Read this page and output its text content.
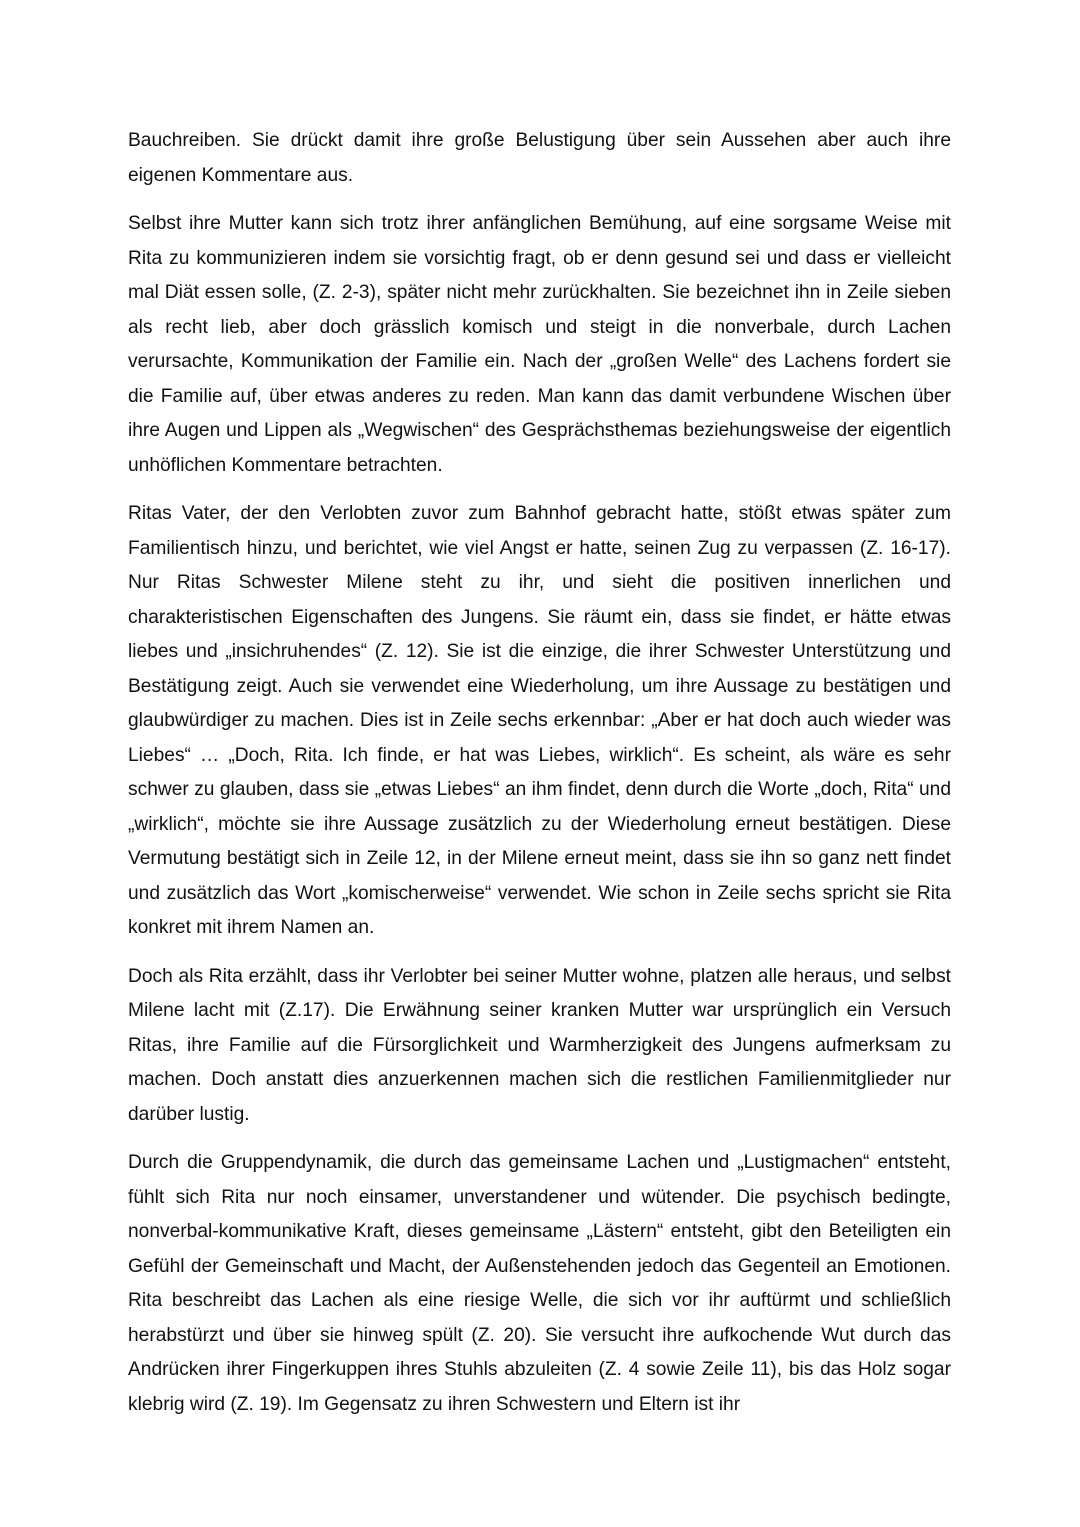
Bauchreiben. Sie drückt damit ihre große Belustigung über sein Aussehen aber auch ihre eigenen Kommentare aus.

Selbst ihre Mutter kann sich trotz ihrer anfänglichen Bemühung, auf eine sorgsame Weise mit Rita zu kommunizieren indem sie vorsichtig fragt, ob er denn gesund sei und dass er vielleicht mal Diät essen solle, (Z. 2-3), später nicht mehr zurückhalten. Sie bezeichnet ihn in Zeile sieben als recht lieb, aber doch grässlich komisch und steigt in die nonverbale, durch Lachen verursachte, Kommunikation der Familie ein. Nach der „großen Welle“ des Lachens fordert sie die Familie auf, über etwas anderes zu reden. Man kann das damit verbundene Wischen über ihre Augen und Lippen als „Wegwischen“ des Gesprächsthemas beziehungsweise der eigentlich unhöflichen Kommentare betrachten.

Ritas Vater, der den Verlobten zuvor zum Bahnhof gebracht hatte, stößt etwas später zum Familientisch hinzu, und berichtet, wie viel Angst er hatte, seinen Zug zu verpassen (Z. 16-17). Nur Ritas Schwester Milene steht zu ihr, und sieht die positiven innerlichen und charakteristischen Eigenschaften des Jungens. Sie räumt ein, dass sie findet, er hätte etwas liebes und „insichruhendes“ (Z. 12). Sie ist die einzige, die ihrer Schwester Unterstützung und Bestätigung zeigt. Auch sie verwendet eine Wiederholung, um ihre Aussage zu bestätigen und glaubwürdiger zu machen. Dies ist in Zeile sechs erkennbar: „Aber er hat doch auch wieder was Liebes“ … „Doch, Rita. Ich finde, er hat was Liebes, wirklich“. Es scheint, als wäre es sehr schwer zu glauben, dass sie „etwas Liebes“ an ihm findet, denn durch die Worte „doch, Rita“ und „wirklich“, möchte sie ihre Aussage zusätzlich zu der Wiederholung erneut bestätigen. Diese Vermutung bestätigt sich in Zeile 12, in der Milene erneut meint, dass sie ihn so ganz nett findet und zusätzlich das Wort „komischerweise“ verwendet. Wie schon in Zeile sechs spricht sie Rita konkret mit ihrem Namen an.

Doch als Rita erzählt, dass ihr Verlobter bei seiner Mutter wohne, platzen alle heraus, und selbst Milene lacht mit (Z.17). Die Erwähnung seiner kranken Mutter war ursprünglich ein Versuch Ritas, ihre Familie auf die Fürsorglichkeit und Warmherzigkeit des Jungens aufmerksam zu machen. Doch anstatt dies anzuerkennen machen sich die restlichen Familienmitglieder nur darüber lustig.

Durch die Gruppendynamik, die durch das gemeinsame Lachen und „Lustigmachen“ entsteht, fühlt sich Rita nur noch einsamer, unverstandener und wütender. Die psychisch bedingte, nonverbal-kommunikative Kraft, dieses gemeinsame „Lästern“ entsteht, gibt den Beteiligten ein Gefühl der Gemeinschaft und Macht, der Außenstehenden jedoch das Gegenteil an Emotionen. Rita beschreibt das Lachen als eine riesige Welle, die sich vor ihr auftürmt und schließlich herabstürzt und über sie hinweg spült (Z. 20). Sie versucht ihre aufkochende Wut durch das Andrücken ihrer Fingerkuppen ihres Stuhls abzuleiten (Z. 4 sowie Zeile 11), bis das Holz sogar klebrig wird (Z. 19). Im Gegensatz zu ihren Schwestern und Eltern ist ihr
